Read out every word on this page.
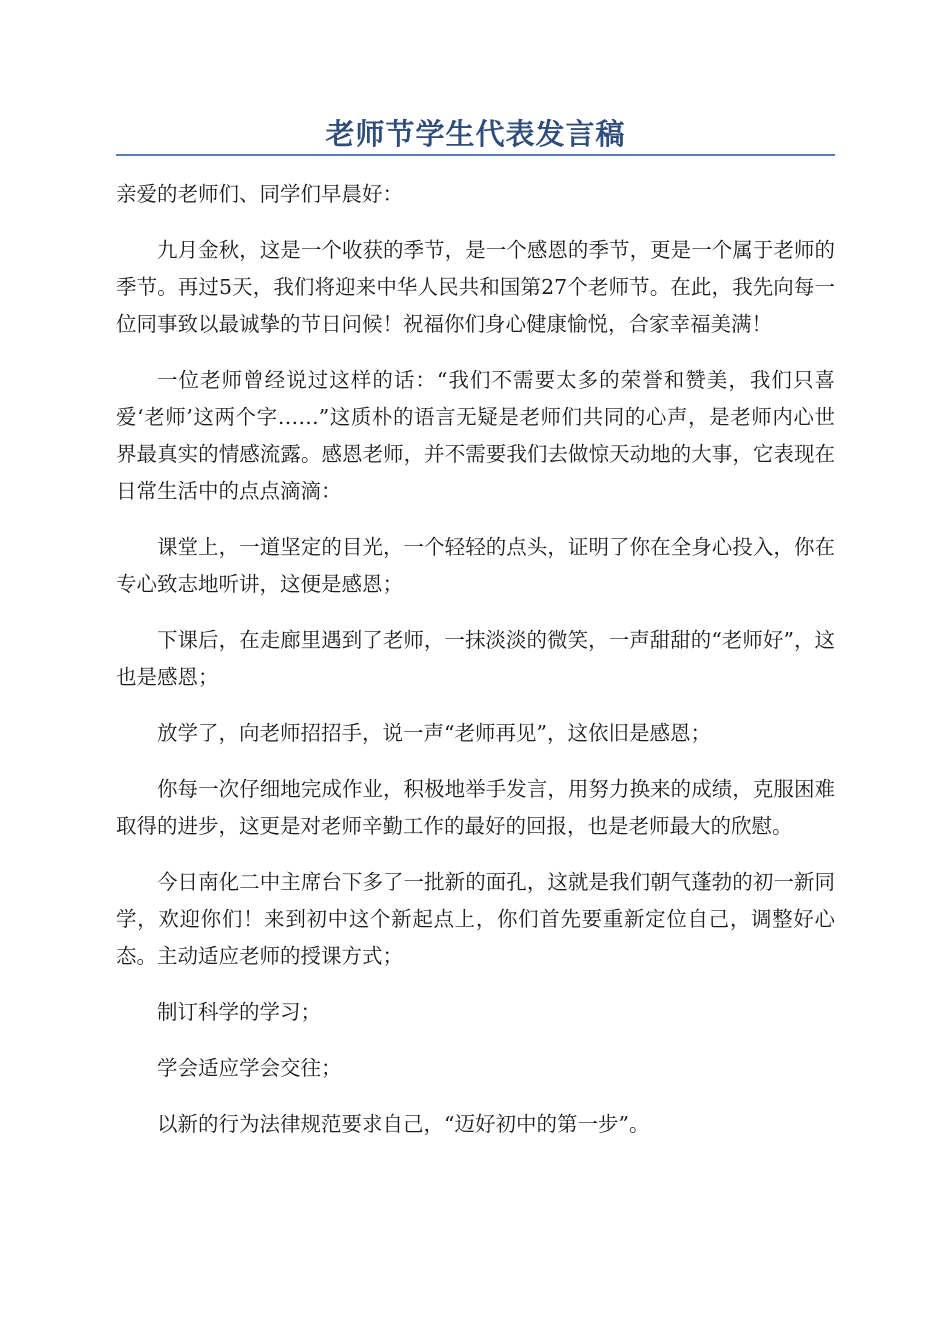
老师节学生代表发言稿

亲爱的老师们、同学们早晨好：

九月金秋，这是一个收获的季节，是一个感恩的季节，更是一个属于老师的季节。再过5天，我们将迎来中华人民共和国第27个老师节。在此，我先向每一位同事致以最诚挚的节日问候！祝福你们身心健康愉悦，合家幸福美满！

一位老师曾经说过这样的话：“我们不需要太多的荣誉和赞美，我们只喜爱‘老师’这两个字……”这质朴的语言无疑是老师们共同的心声，是老师内心世界最真实的情感流露。感恩老师，并不需要我们去做惊天动地的大事，它表现在日常生活中的点点滴滴：

课堂上，一道坚定的目光，一个轻轻的点头，证明了你在全身心投入，你在专心致志地听讲，这便是感恩；

下课后，在走廊里遇到了老师，一抹淡淡的微笑，一声甜甜的“老师好”，这也是感恩；

放学了，向老师招招手，说一声“老师再见”，这依旧是感恩；

你每一次仔细地完成作业，积极地举手发言，用努力换来的成绩，克服困难取得的进步，这更是对老师辛勤工作的最好的回报，也是老师最大的欣慰。

今日南化二中主席台下多了一批新的面孔，这就是我们朝气蓬勃的初一新同学，欢迎你们！来到初中这个新起点上，你们首先要重新定位自己，调整好心态。主动适应老师的授课方式；

制订科学的学习；

学会适应学会交往；

以新的行为法律规范要求自己，“迈好初中的第一步”。
